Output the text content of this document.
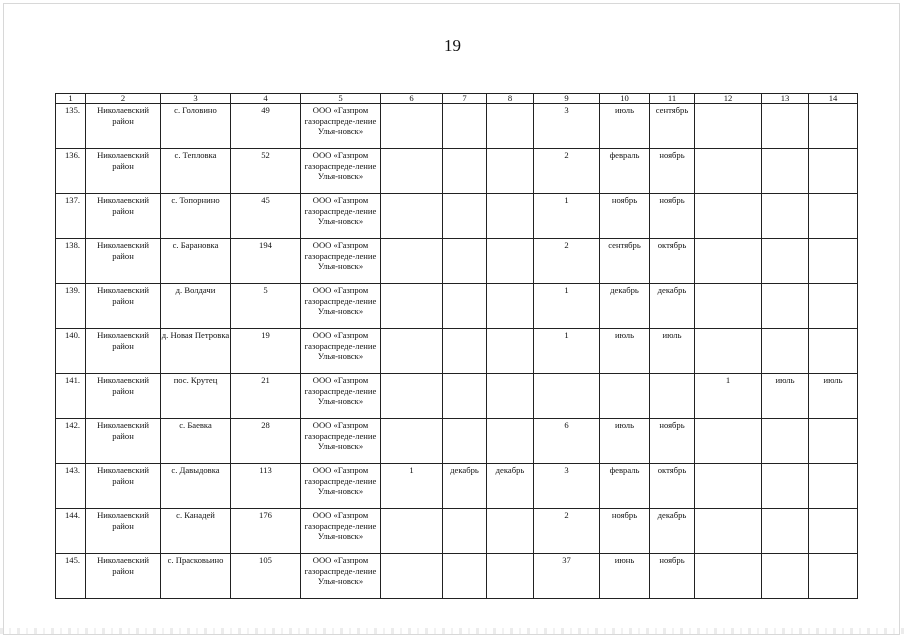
19
1	2	3	4	5	6	7	8	9	10	11	12	13	14
135.	Николаевский район	с. Головино	49	ООО «Газпром газораспреде-ление Улья-новск»				3	июль	сентябрь			
136.	Николаевский район	с. Тепловка	52	ООО «Газпром газораспреде-ление Улья-новск»				2	февраль	ноябрь			
137.	Николаевский район	с. Топорнино	45	ООО «Газпром газораспреде-ление Улья-новск»				1	ноябрь	ноябрь			
138.	Николаевский район	с. Барановка	194	ООО «Газпром газораспреде-ление Улья-новск»				2	сентябрь	октябрь			
139.	Николаевский район	д. Волдачи	5	ООО «Газпром газораспреде-ление Улья-новск»				1	декабрь	декабрь			
140.	Николаевский район	д. Новая Петровка	19	ООО «Газпром газораспреде-ление Улья-новск»				1	июль	июль			
141.	Николаевский район	пос. Крутец	21	ООО «Газпром газораспреде-ление Улья-новск»							1	июль	июль
142.	Николаевский район	с. Баевка	28	ООО «Газпром газораспреде-ление Улья-новск»				6	июль	ноябрь			
143.	Николаевский район	с. Давыдовка	113	ООО «Газпром газораспреде-ление Улья-новск»	1	декабрь	декабрь	3	февраль	октябрь			
144.	Николаевский район	с. Канадей	176	ООО «Газпром газораспреде-ление Улья-новск»				2	ноябрь	декабрь			
145.	Николаевский район	с. Прасковьино	105	ООО «Газпром газораспреде-ление Улья-новск»				37	июнь	ноябрь			
